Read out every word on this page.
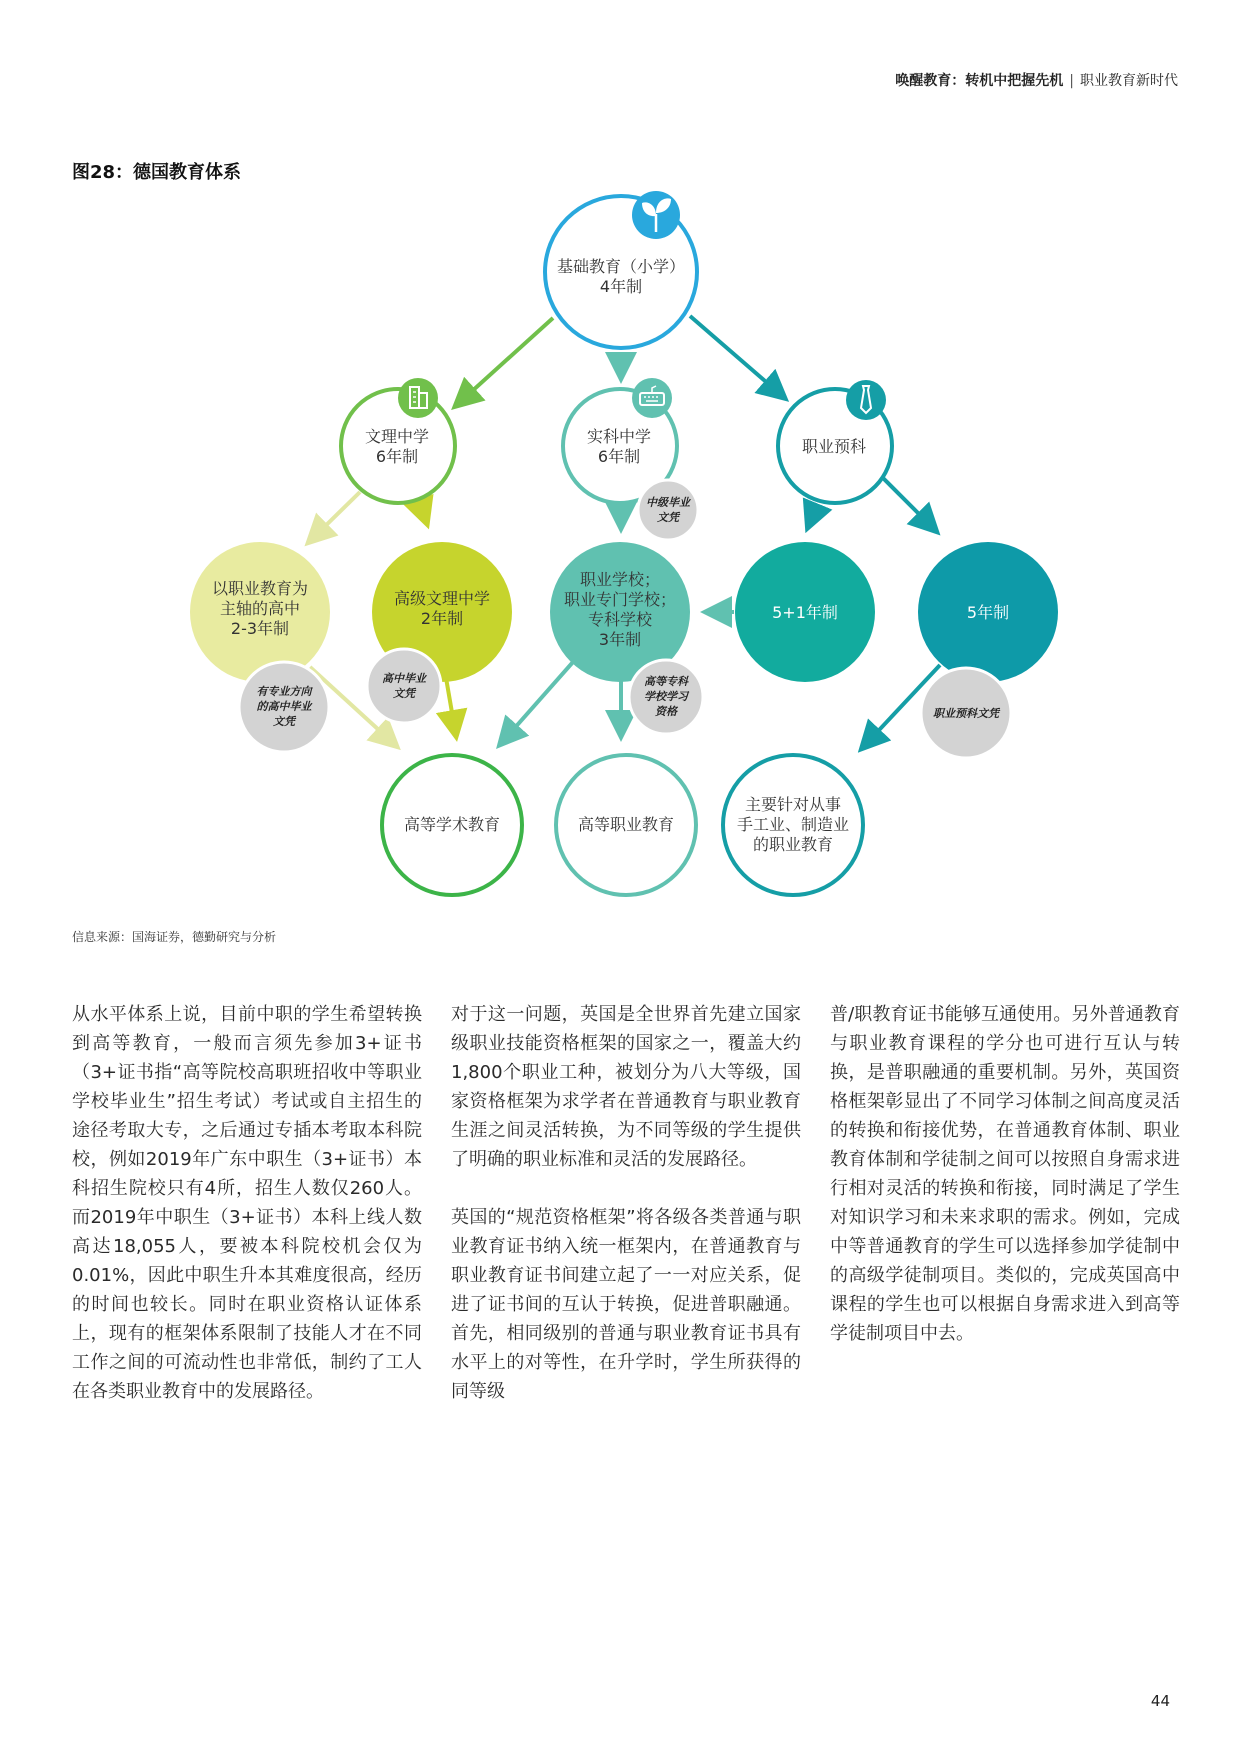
唤醒教育：转机中把握先机 | 职业教育新时代
图28：德国教育体系
基础教育（小学）
4年制
文理中学
6年制
实科中学
6年制
职业预科
以职业教育为
主轴的高中
2-3年制
高级文理中学
2年制
职业学校；
职业专门学校；
专科学校
3年制
5+1年制	5年制
高等学术教育	高等职业教育
主要针对从事
手工业、制造业
的职业教育
中级毕业
文凭
有专业方向
的高中毕业
文凭
高中毕业
文凭
高等专科
学校学习
资格	职业预科文凭
信息来源：国海证券，德勤研究与分析

从水平体系上说，目前中职的学生希望转换到高等教育，一般而言须先参加3+证书（3+证书指“高等院校高职班招收中等职业学校毕业生”招生考试）考试或自主招生的途径考取大专，之后通过专插本考取本科院校，例如2019年广东中职生（3+证书）本科招生院校只有4所，招生人数仅260人。而2019年中职生（3+证书）本科上线人数高达18,055人，要被本科院校机会仅为0.01%，因此中职生升本其难度很高，经历的时间也较长。同时在职业资格认证体系上，现有的框架体系限制了技能人才在不同工作之间的可流动性也非常低，制约了工人在各类职业教育中的发展路径。

对于这一问题，英国是全世界首先建立国家级职业技能资格框架的国家之一，覆盖大约1,800个职业工种，被划分为八大等级，国家资格框架为求学者在普通教育与职业教育生涯之间灵活转换，为不同等级的学生提供了明确的职业标准和灵活的发展路径。

英国的“规范资格框架”将各级各类普通与职业教育证书纳入统一框架内，在普通教育与职业教育证书间建立起了一一对应关系，促进了证书间的互认于转换，促进普职融通。首先，相同级别的普通与职业教育证书具有水平上的对等性，在升学时，学生所获得的同等级

普/职教育证书能够互通使用。另外普通教育与职业教育课程的学分也可进行互认与转换，是普职融通的重要机制。另外，英国资格框架彰显出了不同学习体制之间高度灵活的转换和衔接优势，在普通教育体制、职业教育体制和学徒制之间可以按照自身需求进行相对灵活的转换和衔接，同时满足了学生对知识学习和未来求职的需求。例如，完成中等普通教育的学生可以选择参加学徒制中的高级学徒制项目。类似的，完成英国高中课程的学生也可以根据自身需求进入到高等学徒制项目中去。

44
